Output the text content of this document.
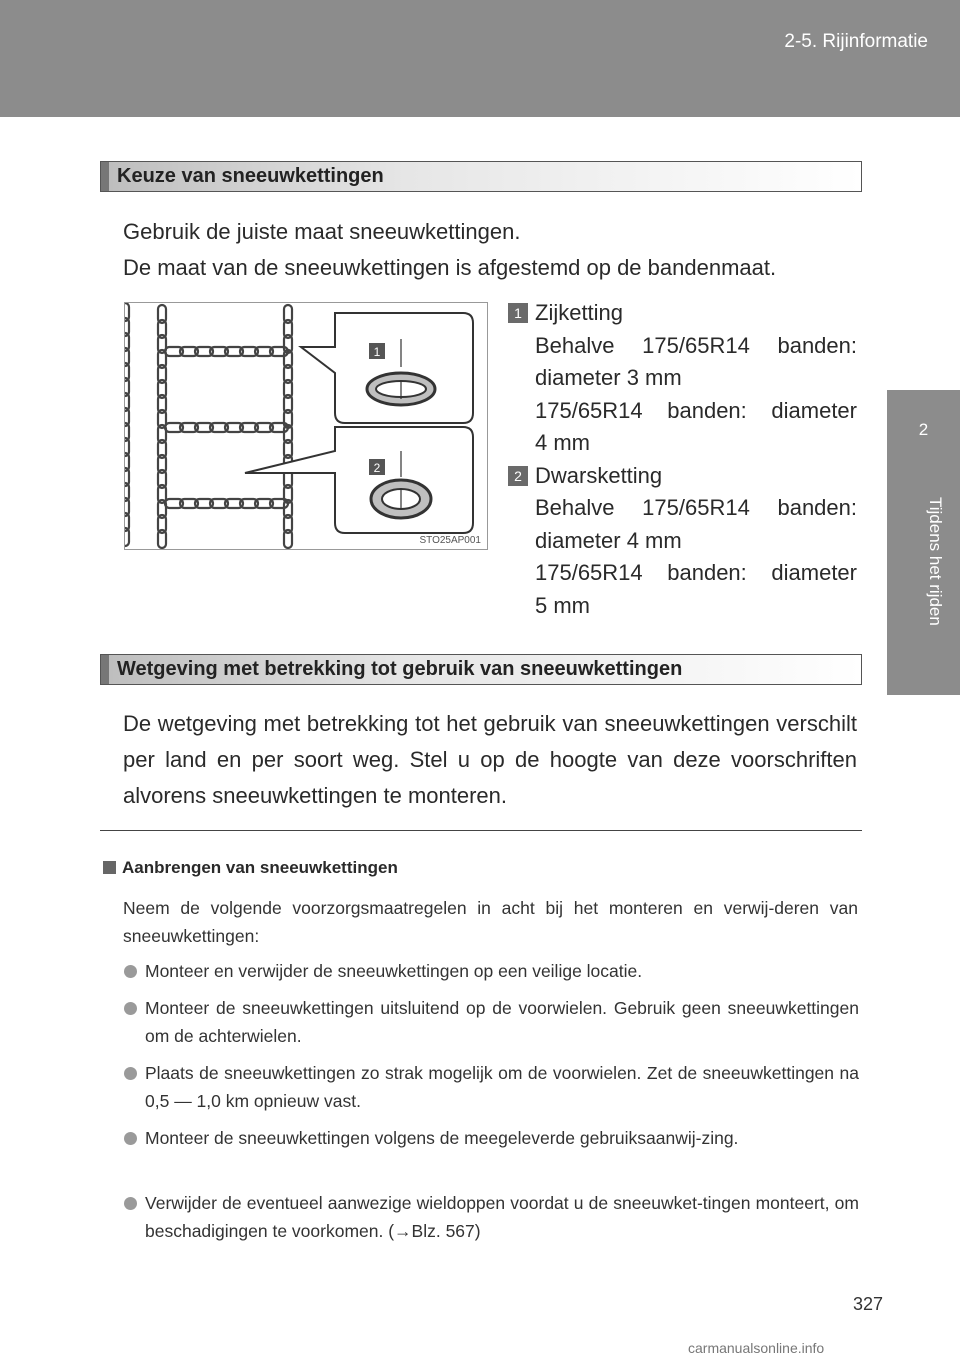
2-5. Rijinformatie
2
Tijdens het rijden
Keuze van sneeuwkettingen
Gebruik de juiste maat sneeuwkettingen.
De maat van de sneeuwkettingen is afgestemd op de bandenmaat.
1
2
STO25AP001
1 Zijketting
Behalve 175/65R14 banden:
diameter 3 mm
175/65R14 banden: diameter
4 mm
2 Dwarsketting
Behalve 175/65R14 banden:
diameter 4 mm
175/65R14 banden: diameter
5 mm
Wetgeving met betrekking tot gebruik van sneeuwkettingen
De wetgeving met betrekking tot het gebruik van sneeuwkettingen verschilt per land en per soort weg. Stel u op de hoogte van deze voorschriften alvorens sneeuwkettingen te monteren.
Aanbrengen van sneeuwkettingen
Neem de volgende voorzorgsmaatregelen in acht bij het monteren en verwij-deren van sneeuwkettingen:
Monteer en verwijder de sneeuwkettingen op een veilige locatie.
Monteer de sneeuwkettingen uitsluitend op de voorwielen. Gebruik geen sneeuwkettingen om de achterwielen.
Plaats de sneeuwkettingen zo strak mogelijk om de voorwielen. Zet de sneeuwkettingen na 0,5 — 1,0 km opnieuw vast.
Monteer de sneeuwkettingen volgens de meegeleverde gebruiksaanwij-zing.
Verwijder de eventueel aanwezige wieldoppen voordat u de sneeuwket-tingen monteert, om beschadigingen te voorkomen. (→Blz. 567)
327
carmanualsonline.info
